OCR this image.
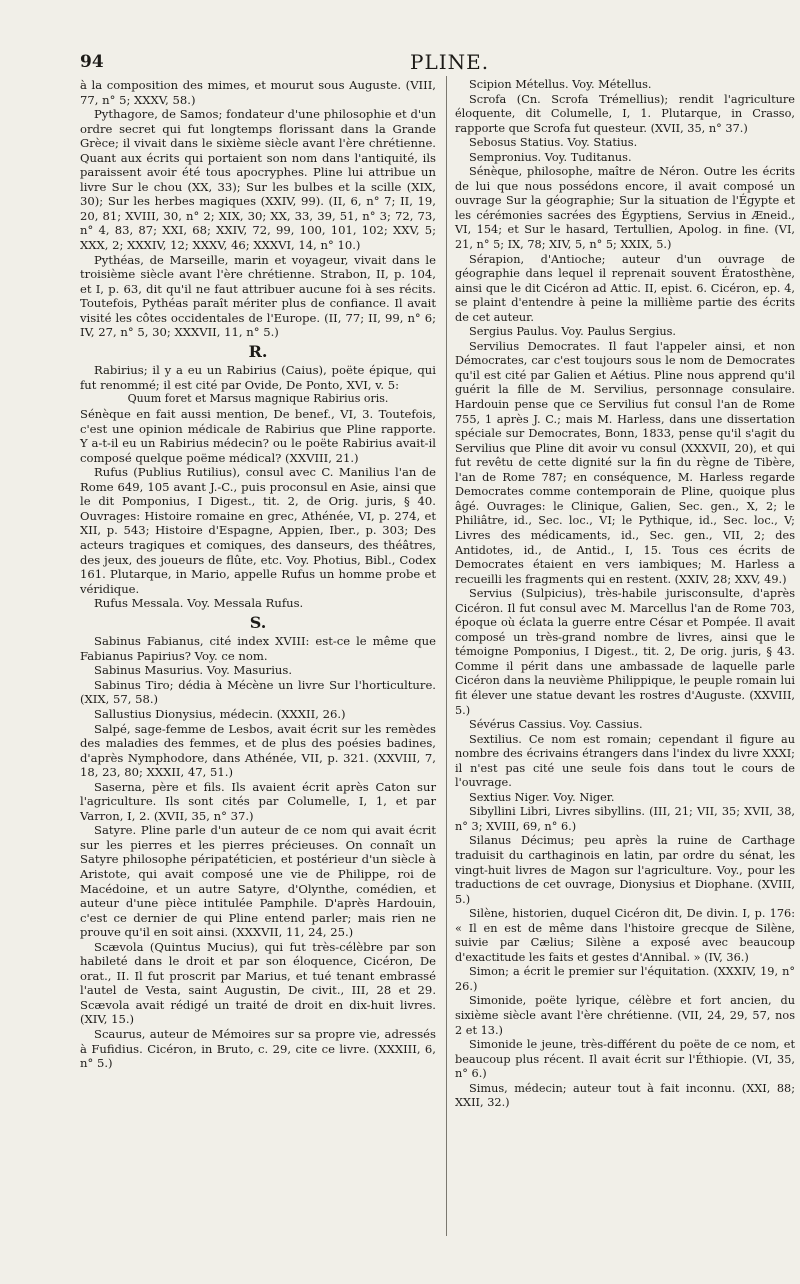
94	PLINE.

à la composition des mimes, et mourut sous Auguste. (VIII, 77, n° 5; XXXV, 58.)

Pythagore, de Samos; fondateur d'une philosophie et d'un ordre secret qui fut longtemps florissant dans la Grande Grèce; il vivait dans le sixième siècle avant l'ère chrétienne. Quant aux écrits qui portaient son nom dans l'antiquité, ils paraissent avoir été tous apocryphes. Pline lui attribue un livre Sur le chou (XX, 33); Sur les bulbes et la scille (XIX, 30); Sur les herbes magiques (XXIV, 99). (II, 6, n° 7; II, 19, 20, 81; XVIII, 30, n° 2; XIX, 30; XX, 33, 39, 51, n° 3; 72, 73, n° 4, 83, 87; XXI, 68; XXIV, 72, 99, 100, 101, 102; XXV, 5; XXX, 2; XXXIV, 12; XXXV, 46; XXXVI, 14, n° 10.)

Pythéas, de Marseille, marin et voyageur, vivait dans le troisième siècle avant l'ère chrétienne. Strabon, II, p. 104, et I, p. 63, dit qu'il ne faut attribuer aucune foi à ses récits. Toutefois, Pythéas paraît mériter plus de confiance. Il avait visité les côtes occidentales de l'Europe. (II, 77; II, 99, n° 6; IV, 27, n° 5, 30; XXXVII, 11, n° 5.)

R.

Rabirius; il y a eu un Rabirius (Caius), poëte épique, qui fut renommé; il est cité par Ovide, De Ponto, XVI, v. 5:

Quum foret et Marsus magnique Rabirius oris.

Sénèque en fait aussi mention, De benef., VI, 3. Toutefois, c'est une opinion médicale de Rabirius que Pline rapporte. Y a-t-il eu un Rabirius médecin? ou le poëte Rabirius avait-il composé quelque poëme médical? (XXVIII, 21.)

Rufus (Publius Rutilius), consul avec C. Manilius l'an de Rome 649, 105 avant J.-C., puis proconsul en Asie, ainsi que le dit Pomponius, I Digest., tit. 2, de Orig. juris, § 40. Ouvrages: Histoire romaine en grec, Athénée, VI, p. 274, et XII, p. 543; Histoire d'Espagne, Appien, Iber., p. 303; Des acteurs tragiques et comiques, des danseurs, des théâtres, des jeux, des joueurs de flûte, etc. Voy. Photius, Bibl., Codex 161. Plutarque, in Mario, appelle Rufus un homme probe et véridique.

Rufus Messala. Voy. Messala Rufus.

S.

Sabinus Fabianus, cité index XVIII: est-ce le même que Fabianus Papirius? Voy. ce nom.

Sabinus Masurius. Voy. Masurius.

Sabinus Tiro; dédia à Mécène un livre Sur l'horticulture. (XIX, 57, 58.)

Sallustius Dionysius, médecin. (XXXII, 26.)

Salpé, sage-femme de Lesbos, avait écrit sur les remèdes des maladies des femmes, et de plus des poésies badines, d'après Nymphodore, dans Athénée, VII, p. 321. (XXVIII, 7, 18, 23, 80; XXXII, 47, 51.)

Saserna, père et fils. Ils avaient écrit après Caton sur l'agriculture. Ils sont cités par Columelle, I, 1, et par Varron, I, 2. (XVII, 35, n° 37.)

Satyre. Pline parle d'un auteur de ce nom qui avait écrit sur les pierres et les pierres précieuses. On connaît un Satyre philosophe péripatéticien, et postérieur d'un siècle à Aristote, qui avait composé une vie de Philippe, roi de Macédoine, et un autre Satyre, d'Olynthe, comédien, et auteur d'une pièce intitulée Pamphile. D'après Hardouin, c'est ce dernier de qui Pline entend parler; mais rien ne prouve qu'il en soit ainsi. (XXXVII, 11, 24, 25.)

Scævola (Quintus Mucius), qui fut très-célèbre par son habileté dans le droit et par son éloquence, Cicéron, De orat., II. Il fut proscrit par Marius, et tué tenant embrassé l'autel de Vesta, saint Augustin, De civit., III, 28 et 29. Scævola avait rédigé un traité de droit en dix-huit livres. (XIV, 15.)

Scaurus, auteur de Mémoires sur sa propre vie, adressés à Fufidius. Cicéron, in Bruto, c. 29, cite ce livre. (XXXIII, 6, n° 5.)

Scipion Métellus. Voy. Métellus.

Scrofa (Cn. Scrofa Trémellius); rendit l'agriculture éloquente, dit Columelle, I, 1. Plutarque, in Crasso, rapporte que Scrofa fut questeur. (XVII, 35, n° 37.)

Sebosus Statius. Voy. Statius.

Sempronius. Voy. Tuditanus.

Sénèque, philosophe, maître de Néron. Outre les écrits de lui que nous possédons encore, il avait composé un ouvrage Sur la géographie; Sur la situation de l'Égypte et les cérémonies sacrées des Égyptiens, Servius in Æneid., VI, 154; et Sur le hasard, Tertullien, Apolog. in fine. (VI, 21, n° 5; IX, 78; XIV, 5, n° 5; XXIX, 5.)

Sérapion, d'Antioche; auteur d'un ouvrage de géographie dans lequel il reprenait souvent Ératosthène, ainsi que le dit Cicéron ad Attic. II, epist. 6. Cicéron, ep. 4, se plaint d'entendre à peine la millième partie des écrits de cet auteur.

Sergius Paulus. Voy. Paulus Sergius.

Servilius Democrates. Il faut l'appeler ainsi, et non Démocrates, car c'est toujours sous le nom de Democrates qu'il est cité par Galien et Aétius. Pline nous apprend qu'il guérit la fille de M. Servilius, personnage consulaire. Hardouin pense que ce Servilius fut consul l'an de Rome 755, 1 après J. C.; mais M. Harless, dans une dissertation spéciale sur Democrates, Bonn, 1833, pense qu'il s'agit du Servilius que Pline dit avoir vu consul (XXXVII, 20), et qui fut revêtu de cette dignité sur la fin du règne de Tibère, l'an de Rome 787; en conséquence, M. Harless regarde Democrates comme contemporain de Pline, quoique plus âgé. Ouvrages: le Clinique, Galien, Sec. gen., X, 2; le Philiâtre, id., Sec. loc., VI; le Pythique, id., Sec. loc., V; Livres des médicaments, id., Sec. gen., VII, 2; des Antidotes, id., de Antid., I, 15. Tous ces écrits de Democrates étaient en vers iambiques; M. Harless a recueilli les fragments qui en restent. (XXIV, 28; XXV, 49.)

Servius (Sulpicius), très-habile jurisconsulte, d'après Cicéron. Il fut consul avec M. Marcellus l'an de Rome 703, époque où éclata la guerre entre César et Pompée. Il avait composé un très-grand nombre de livres, ainsi que le témoigne Pomponius, I Digest., tit. 2, De orig. juris, § 43. Comme il périt dans une ambassade de laquelle parle Cicéron dans la neuvième Philippique, le peuple romain lui fit élever une statue devant les rostres d'Auguste. (XXVIII, 5.)

Sévérus Cassius. Voy. Cassius.

Sextilius. Ce nom est romain; cependant il figure au nombre des écrivains étrangers dans l'index du livre XXXI; il n'est pas cité une seule fois dans tout le cours de l'ouvrage.

Sextius Niger. Voy. Niger.

Sibyllini Libri, Livres sibyllins. (III, 21; VII, 35; XVII, 38, n° 3; XVIII, 69, n° 6.)

Silanus Décimus; peu après la ruine de Carthage traduisit du carthaginois en latin, par ordre du sénat, les vingt-huit livres de Magon sur l'agriculture. Voy., pour les traductions de cet ouvrage, Dionysius et Diophane. (XVIII, 5.)

Silène, historien, duquel Cicéron dit, De divin. I, p. 176: « Il en est de même dans l'histoire grecque de Silène, suivie par Cælius; Silène a exposé avec beaucoup d'exactitude les faits et gestes d'Annibal. » (IV, 36.)

Simon; a écrit le premier sur l'équitation. (XXXIV, 19, n° 26.)

Simonide, poëte lyrique, célèbre et fort ancien, du sixième siècle avant l'ère chrétienne. (VII, 24, 29, 57, nos 2 et 13.)

Simonide le jeune, très-différent du poëte de ce nom, et beaucoup plus récent. Il avait écrit sur l'Éthiopie. (VI, 35, n° 6.)

Simus, médecin; auteur tout à fait inconnu. (XXI, 88; XXII, 32.)
